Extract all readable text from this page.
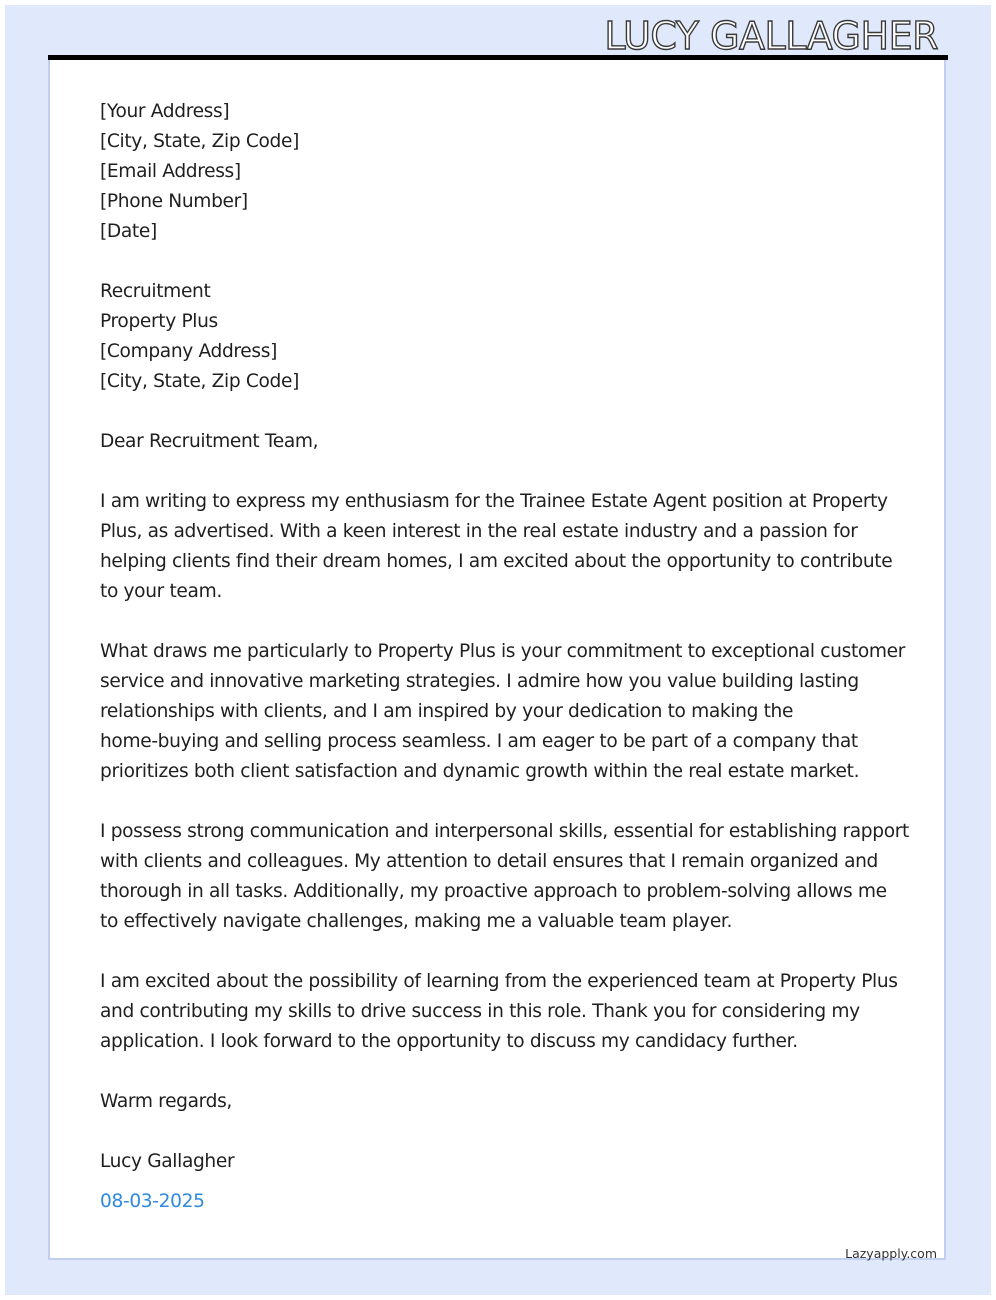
LUCY GALLAGHER
[Your Address]
[City, State, Zip Code]
[Email Address]
[Phone Number]
[Date]
Recruitment
Property Plus
[Company Address]
[City, State, Zip Code]
Dear Recruitment Team,
I am writing to express my enthusiasm for the Trainee Estate Agent position at Property
Plus, as advertised. With a keen interest in the real estate industry and a passion for
helping clients find their dream homes, I am excited about the opportunity to contribute
to your team.
What draws me particularly to Property Plus is your commitment to exceptional customer
service and innovative marketing strategies. I admire how you value building lasting
relationships with clients, and I am inspired by your dedication to making the
home-buying and selling process seamless. I am eager to be part of a company that
prioritizes both client satisfaction and dynamic growth within the real estate market.
I possess strong communication and interpersonal skills, essential for establishing rapport
with clients and colleagues. My attention to detail ensures that I remain organized and
thorough in all tasks. Additionally, my proactive approach to problem-solving allows me
to effectively navigate challenges, making me a valuable team player.
I am excited about the possibility of learning from the experienced team at Property Plus
and contributing my skills to drive success in this role. Thank you for considering my
application. I look forward to the opportunity to discuss my candidacy further.
Warm regards,
Lucy Gallagher
08-03-2025
Lazyapply.com
